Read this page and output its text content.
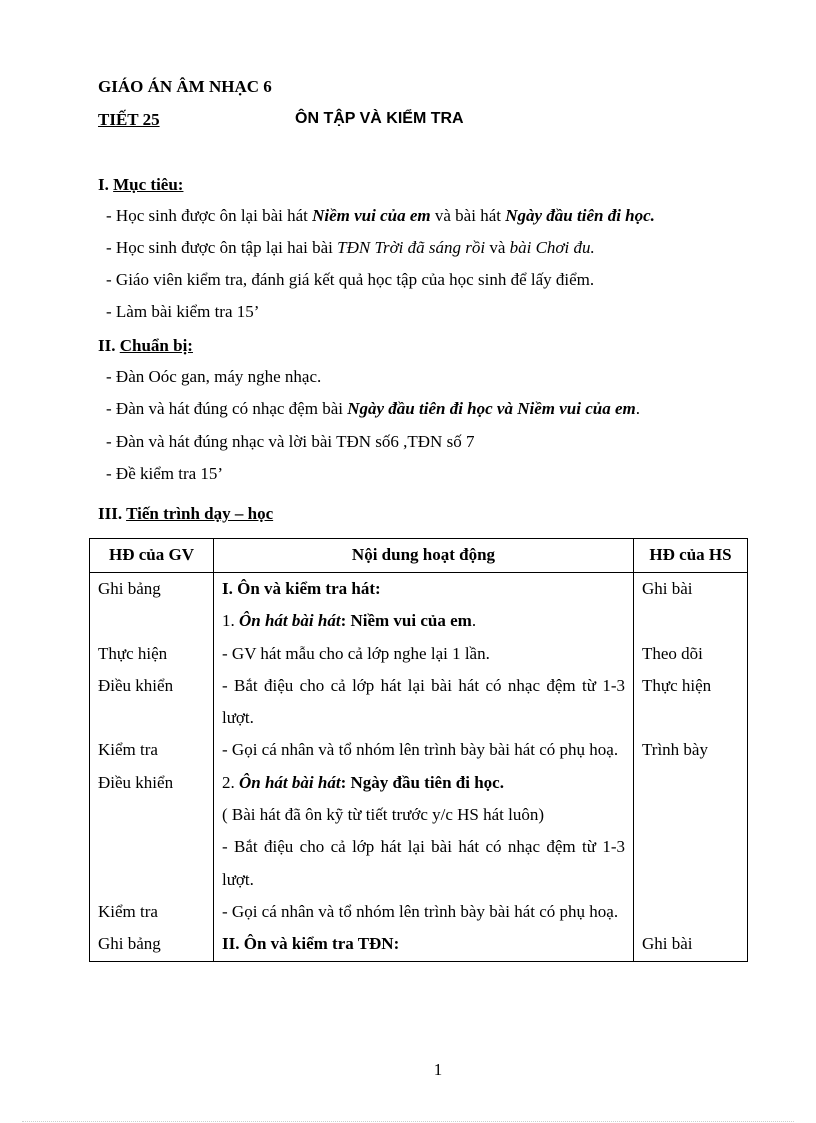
GIÁO ÁN ÂM NHẠC 6
TIẾT 25	ÔN TẬP VÀ KIỂM TRA
I. Mục tiêu:
- Học sinh được ôn lại bài hát Niềm vui của em và bài hát Ngày đầu tiên đi học.
- Học sinh được ôn tập lại hai bài TĐN Trời đã sáng rồi và bài Chơi đu.
- Giáo viên kiểm tra, đánh giá kết quả học tập của học sinh để lấy điểm.
- Làm bài kiểm tra 15’
II. Chuẩn bị:
- Đàn Oóc gan, máy nghe nhạc.
- Đàn và hát đúng có nhạc đệm bài Ngày đầu tiên đi học và Niềm vui của em.
- Đàn và hát đúng nhạc và lời bài TĐN số6 ,TĐN số 7
- Đề kiểm tra 15’
III. Tiến trình dạy – học
HĐ của GV	Nội dung hoạt động	HĐ của HS
Ghi bảng	I. Ôn và kiểm tra hát:	Ghi bài
	1. Ôn hát bài hát: Niềm vui của em.	
Thực hiện	- GV hát mẫu cho cả lớp nghe lại 1 lần.	Theo dõi
Điều khiển	- Bắt điệu cho cả lớp hát lại bài hát có nhạc đệm từ 1-3 lượt.	Thực hiện
Kiểm tra	- Gọi cá nhân và tổ nhóm lên trình bày bài hát có phụ hoạ.	Trình bày
Điều khiển	2. Ôn hát bài hát: Ngày đầu tiên đi học.	
	( Bài hát đã ôn kỹ từ tiết trước y/c HS hát luôn)	
	- Bắt điệu cho cả lớp hát lại bài hát có nhạc đệm từ 1-3 lượt.	
Kiểm tra	- Gọi cá nhân và tổ nhóm lên trình bày bài hát có phụ hoạ.	
Ghi bảng	II. Ôn và kiểm tra TĐN:	Ghi bài
1
